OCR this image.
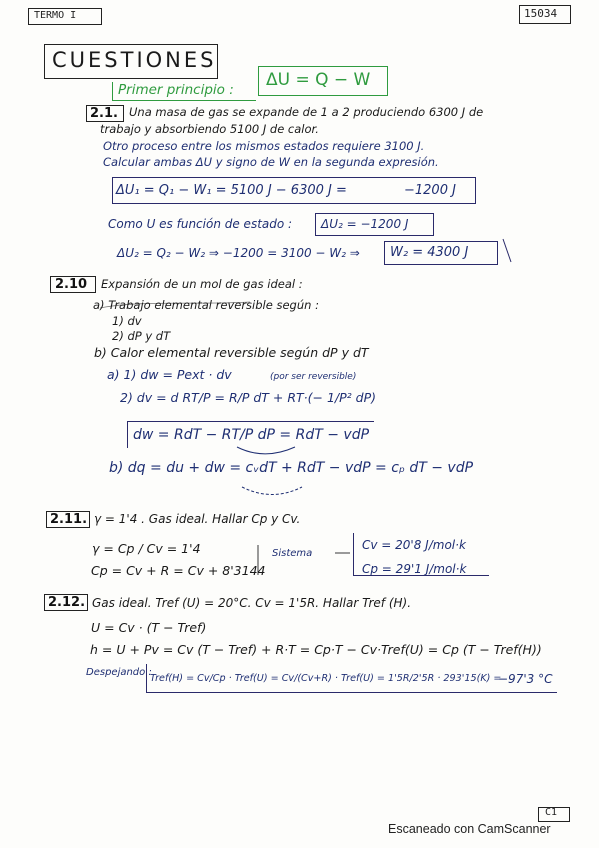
TERMO I	15034
CUESTIONES
Primer principio : ΔU = Q − W
2.1. Una masa de gas se expande de 1 a 2 produciendo 6300 J de
trabajo y absorbiendo 5100 J de calor.
Otro proceso entre los mismos estados requiere 3100 J.
Calcular ambas ΔU y signo de W en la segunda expresión.
ΔU₁ = Q₁ − W₁ = 5100 J − 6300 J =	−1200 J
Como U es función de estado : ΔU₂ = −1200 J
ΔU₂ = Q₂ − W₂ ⇒ −1200 = 3100 − W₂ ⇒ W₂ = 4300 J
2.10 Expansión de un mol de gas ideal :
a) Trabajo elemental reversible según :
1) dv
2) dP y dT
b) Calor elemental reversible según dP y dT
a) 1) dw = Pext · dv	(por ser reversible)
2) dv = d RT/P = R/P dT + RT·(− 1/P² dP)
dw = RdT − RT/P dP = RdT − vdP
b) dq = du + dw = cᵥdT + RdT − vdP = cₚ dT − vdP
2.11. γ = 1'4 . Gas ideal. Hallar Cp y Cv.
γ = Cp / Cv = 1'4
Cp = Cv + R = Cv + 8'3144
Sistema
Cv = 20'8 J/mol·k
Cp = 29'1 J/mol·k
2.12. Gas ideal. Tref (U) = 20°C. Cv = 1'5R. Hallar Tref (H).
U = Cv · (T − Tref)
h = U + Pv = Cv (T − Tref) + R·T = Cp·T − Cv·Tref(U) = Cp (T − Tref(H))
Despejando :
Tref(H) = Cv/Cp · Tref(U) = Cv/(Cv+R) · Tref(U) = 1'5R/2'5R · 293'15(K) =
−97'3 °C
C1
Escaneado con CamScanner
